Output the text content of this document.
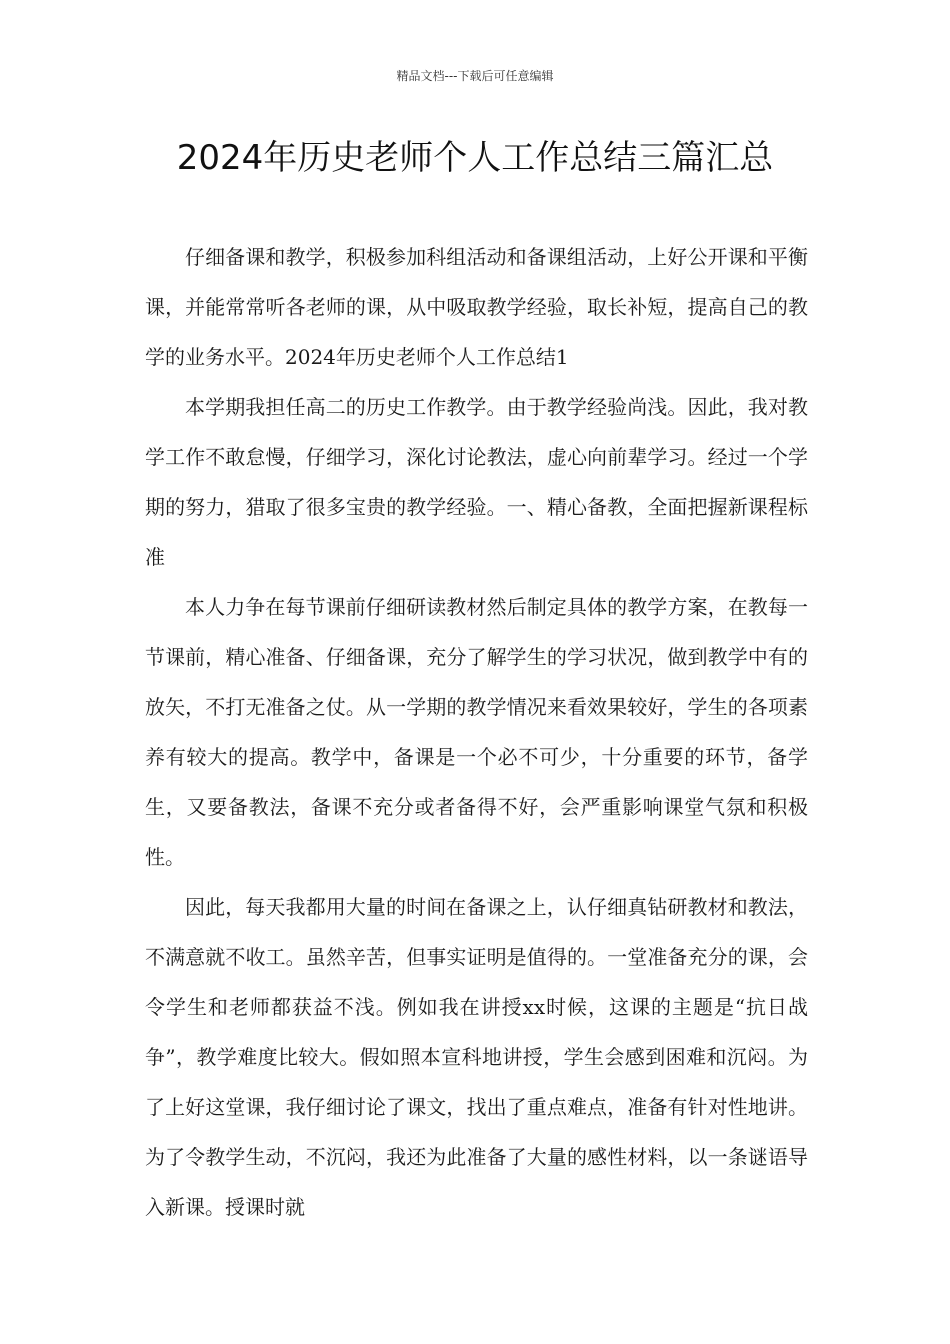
精品文档---下载后可任意编辑
2024年历史老师个人工作总结三篇汇总

仔细备课和教学，积极参加科组活动和备课组活动，上好公开课和平衡课，并能常常听各老师的课，从中吸取教学经验，取长补短，提高自己的教学的业务水平。2024年历史老师个人工作总结1

本学期我担任高二的历史工作教学。由于教学经验尚浅。因此，我对教学工作不敢怠慢，仔细学习，深化讨论教法，虚心向前辈学习。经过一个学期的努力，猎取了很多宝贵的教学经验。一、精心备教，全面把握新课程标准

本人力争在每节课前仔细研读教材然后制定具体的教学方案，在教每一节课前，精心准备、仔细备课，充分了解学生的学习状况，做到教学中有的放矢，不打无准备之仗。从一学期的教学情况来看效果较好，学生的各项素养有较大的提高。教学中，备课是一个必不可少，十分重要的环节，备学生，又要备教法，备课不充分或者备得不好，会严重影响课堂气氛和积极性。

因此，每天我都用大量的时间在备课之上，认仔细真钻研教材和教法，不满意就不收工。虽然辛苦，但事实证明是值得的。一堂准备充分的课，会令学生和老师都获益不浅。例如我在讲授xx时候，这课的主题是“抗日战争”，教学难度比较大。假如照本宣科地讲授，学生会感到困难和沉闷。为了上好这堂课，我仔细讨论了课文，找出了重点难点，准备有针对性地讲。为了令教学生动，不沉闷，我还为此准备了大量的感性材料，以一条谜语导入新课。授课时就
